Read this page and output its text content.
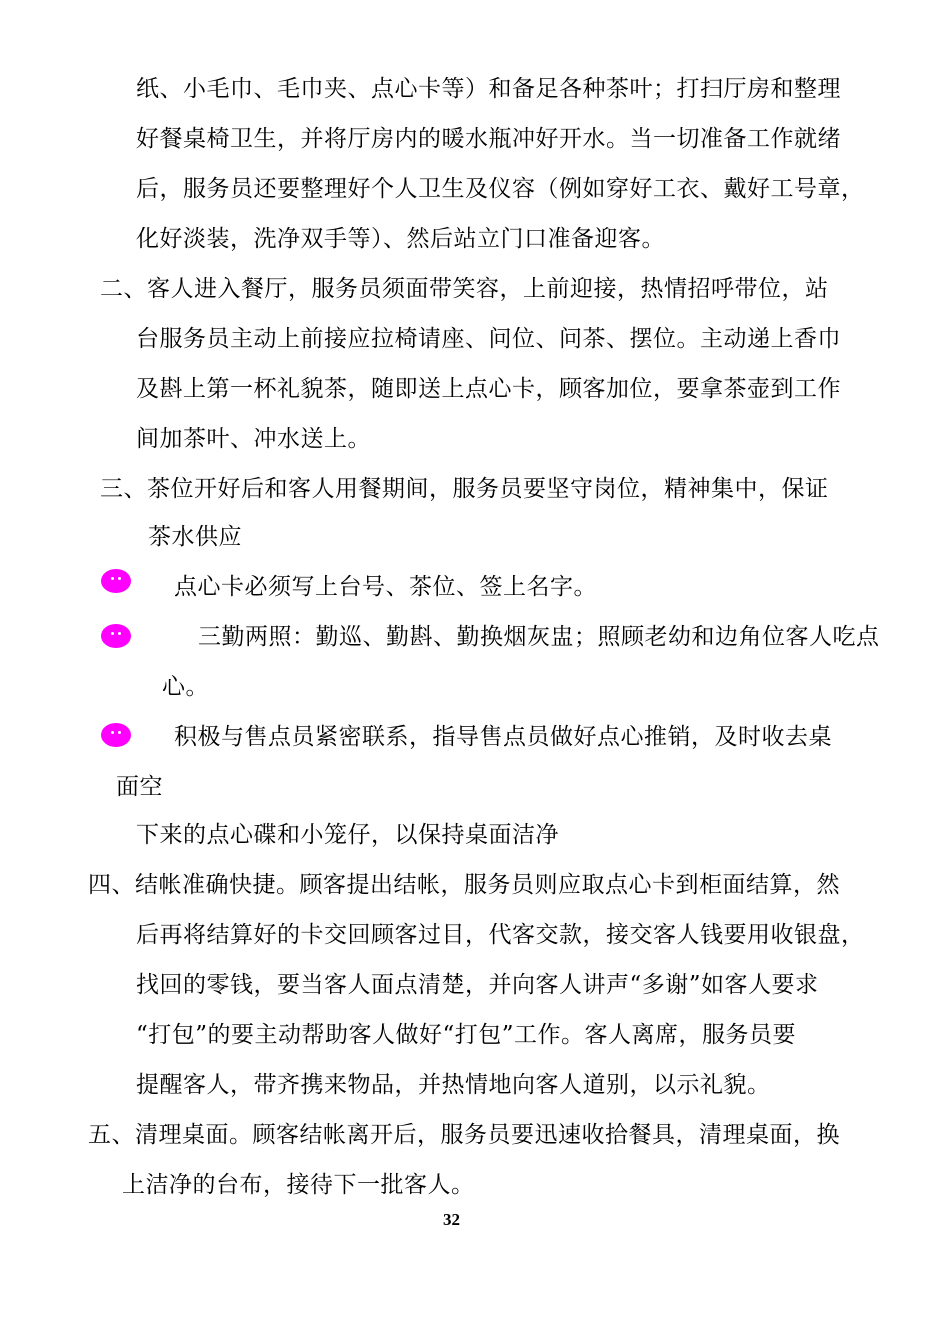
纸、小毛巾、毛巾夹、点心卡等）和备足各种茶叶；打扫厅房和整理
好餐桌椅卫生，并将厅房内的暖水瓶冲好开水。当一切准备工作就绪
后，服务员还要整理好个人卫生及仪容（例如穿好工衣、戴好工号章，
化好淡装，洗净双手等）、然后站立门口准备迎客。
二、客人进入餐厅，服务员须面带笑容，上前迎接，热情招呼带位，站
台服务员主动上前接应拉椅请座、问位、问茶、摆位。主动递上香巾
及斟上第一杯礼貌茶，随即送上点心卡，顾客加位，要拿茶壶到工作
间加茶叶、冲水送上。
三、茶位开好后和客人用餐期间，服务员要坚守岗位，精神集中，保证
茶水供应
点心卡必须写上台号、茶位、签上名字。
三勤两照：勤巡、勤斟、勤换烟灰盅；照顾老幼和边角位客人吃点
心。
积极与售点员紧密联系，指导售点员做好点心推销，及时收去桌
面空
下来的点心碟和小笼仔，以保持桌面洁净
四、结帐准确快捷。顾客提出结帐，服务员则应取点心卡到柜面结算，然
后再将结算好的卡交回顾客过目，代客交款，接交客人钱要用收银盘，
找回的零钱，要当客人面点清楚，并向客人讲声“多谢”如客人要求
“打包”的要主动帮助客人做好“打包”工作。客人离席，服务员要
提醒客人，带齐携来物品，并热情地向客人道别，以示礼貌。
五、清理桌面。顾客结帐离开后，服务员要迅速收拾餐具，清理桌面，换
上洁净的台布，接待下一批客人。
32
